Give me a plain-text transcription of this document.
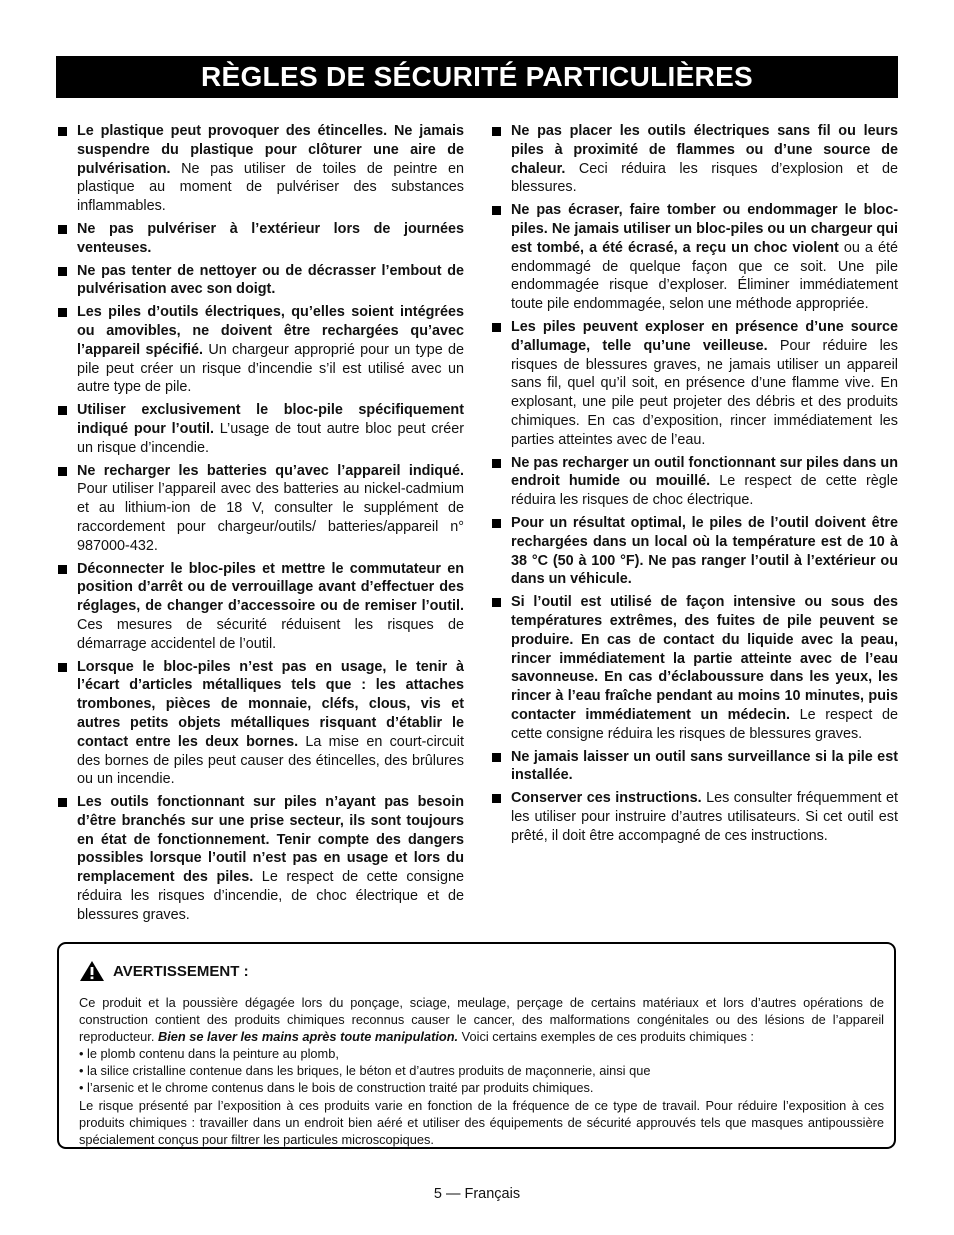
RÈGLES DE SÉCURITÉ PARTICULIÈRES
Le plastique peut provoquer des étincelles. Ne jamais suspendre du plastique pour clôturer une aire de pulvérisation. Ne pas utiliser de toiles de peintre en plastique au moment de pulvériser des substances inflammables.
Ne pas pulvériser à l’extérieur lors de journées venteuses.
Ne pas tenter de nettoyer ou de décrasser l’embout de pulvérisation avec son doigt.
Les piles d’outils électriques, qu’elles soient intégrées ou amovibles, ne doivent être rechargées qu’avec l’appareil spécifié. Un chargeur approprié pour un type de pile peut créer un risque d’incendie s’il est utilisé avec un autre type de pile.
Utiliser exclusivement le bloc-pile spécifiquement indiqué pour l’outil. L’usage de tout autre bloc peut créer un risque d’incendie.
Ne recharger les batteries qu’avec l’appareil indiqué. Pour utiliser l’appareil avec des batteries au nickel-cadmium et au lithium-ion de 18 V, consulter le supplément de raccordement pour chargeur/outils/ batteries/appareil n° 987000-432.
Déconnecter le bloc-piles et mettre le commutateur en position d’arrêt ou de verrouillage avant d’effectuer des réglages, de changer d’accessoire ou de remiser l’outil. Ces mesures de sécurité réduisent les risques de démarrage accidentel de l’outil.
Lorsque le bloc-piles n’est pas en usage, le tenir à l’écart d’articles métalliques tels que : les attaches trombones, pièces de monnaie, cléfs, clous, vis et autres petits objets métalliques risquant d’établir le contact entre les deux bornes. La mise en court-circuit des bornes de piles peut causer des étincelles, des brûlures ou un incendie.
Les outils fonctionnant sur piles n’ayant pas besoin d’être branchés sur une prise secteur, ils sont toujours en état de fonctionnement. Tenir compte des dangers possibles lorsque l’outil n’est pas en usage et lors du remplacement des piles. Le respect de cette consigne réduira les risques d’incendie, de choc électrique et de blessures graves.
Ne pas placer les outils électriques sans fil ou leurs piles à proximité de flammes ou d’une source de chaleur. Ceci réduira les risques d’explosion et de blessures.
Ne pas écraser, faire tomber ou endommager le bloc-piles. Ne jamais utiliser un bloc-piles ou un chargeur qui est tombé, a été écrasé, a reçu un choc violent ou a été endommagé de quelque façon que ce soit. Une pile endommagée risque d’exploser. Éliminer immédiatement toute pile endommagée, selon une méthode appropriée.
Les piles peuvent exploser en présence d’une source d’allumage, telle qu’une veilleuse. Pour réduire les risques de blessures graves, ne jamais utiliser un appareil sans fil, quel qu’il soit, en présence d’une flamme vive. En explosant, une pile peut projeter des débris et des produits chimiques. En cas d’exposition, rincer immédiatement les parties atteintes avec de l’eau.
Ne pas recharger un outil fonctionnant sur piles dans un endroit humide ou mouillé. Le respect de cette règle réduira les risques de choc électrique.
Pour un résultat optimal, le piles de l’outil doivent être rechargées dans un local où la température est de 10 à 38 °C (50 à 100 °F). Ne pas ranger l’outil à l’extérieur ou dans un véhicule.
Si l’outil est utilisé de façon intensive ou sous des températures extrêmes, des fuites de pile peuvent se produire. En cas de contact du liquide avec la peau, rincer immédiatement la partie atteinte avec de l’eau savonneuse. En cas d’éclaboussure dans les yeux, les rincer à l’eau fraîche pendant au moins 10 minutes, puis contacter immédiatement un médecin. Le respect de cette consigne réduira les risques de blessures graves.
Ne jamais laisser un outil sans surveillance si la pile est installée.
Conserver ces instructions. Les consulter fréquemment et les utiliser pour instruire d’autres utilisateurs. Si cet outil est prêté, il doit être accompagné de ces instructions.
AVERTISSEMENT :

Ce produit et la poussière dégagée lors du ponçage, sciage, meulage, perçage de certains matériaux et lors d’autres opérations de construction contient des produits chimiques reconnus causer le cancer, des malformations congénitales ou des lésions de l’appareil reproducteur. Bien se laver les mains après toute manipulation. Voici certains exemples de ces produits chimiques :

• le plomb contenu dans la peinture au plomb,

• la silice cristalline contenue dans les briques, le béton et d’autres produits de maçonnerie, ainsi que

• l’arsenic et le chrome contenus dans le bois de construction traité par produits chimiques.

Le risque présenté par l’exposition à ces produits varie en fonction de la fréquence de ce type de travail. Pour réduire l’exposition à ces produits chimiques : travailler dans un endroit bien aéré et utiliser des équipements de sécurité approuvés tels que masques antipoussière spécialement conçus pour filtrer les particules microscopiques.

5 — Français
